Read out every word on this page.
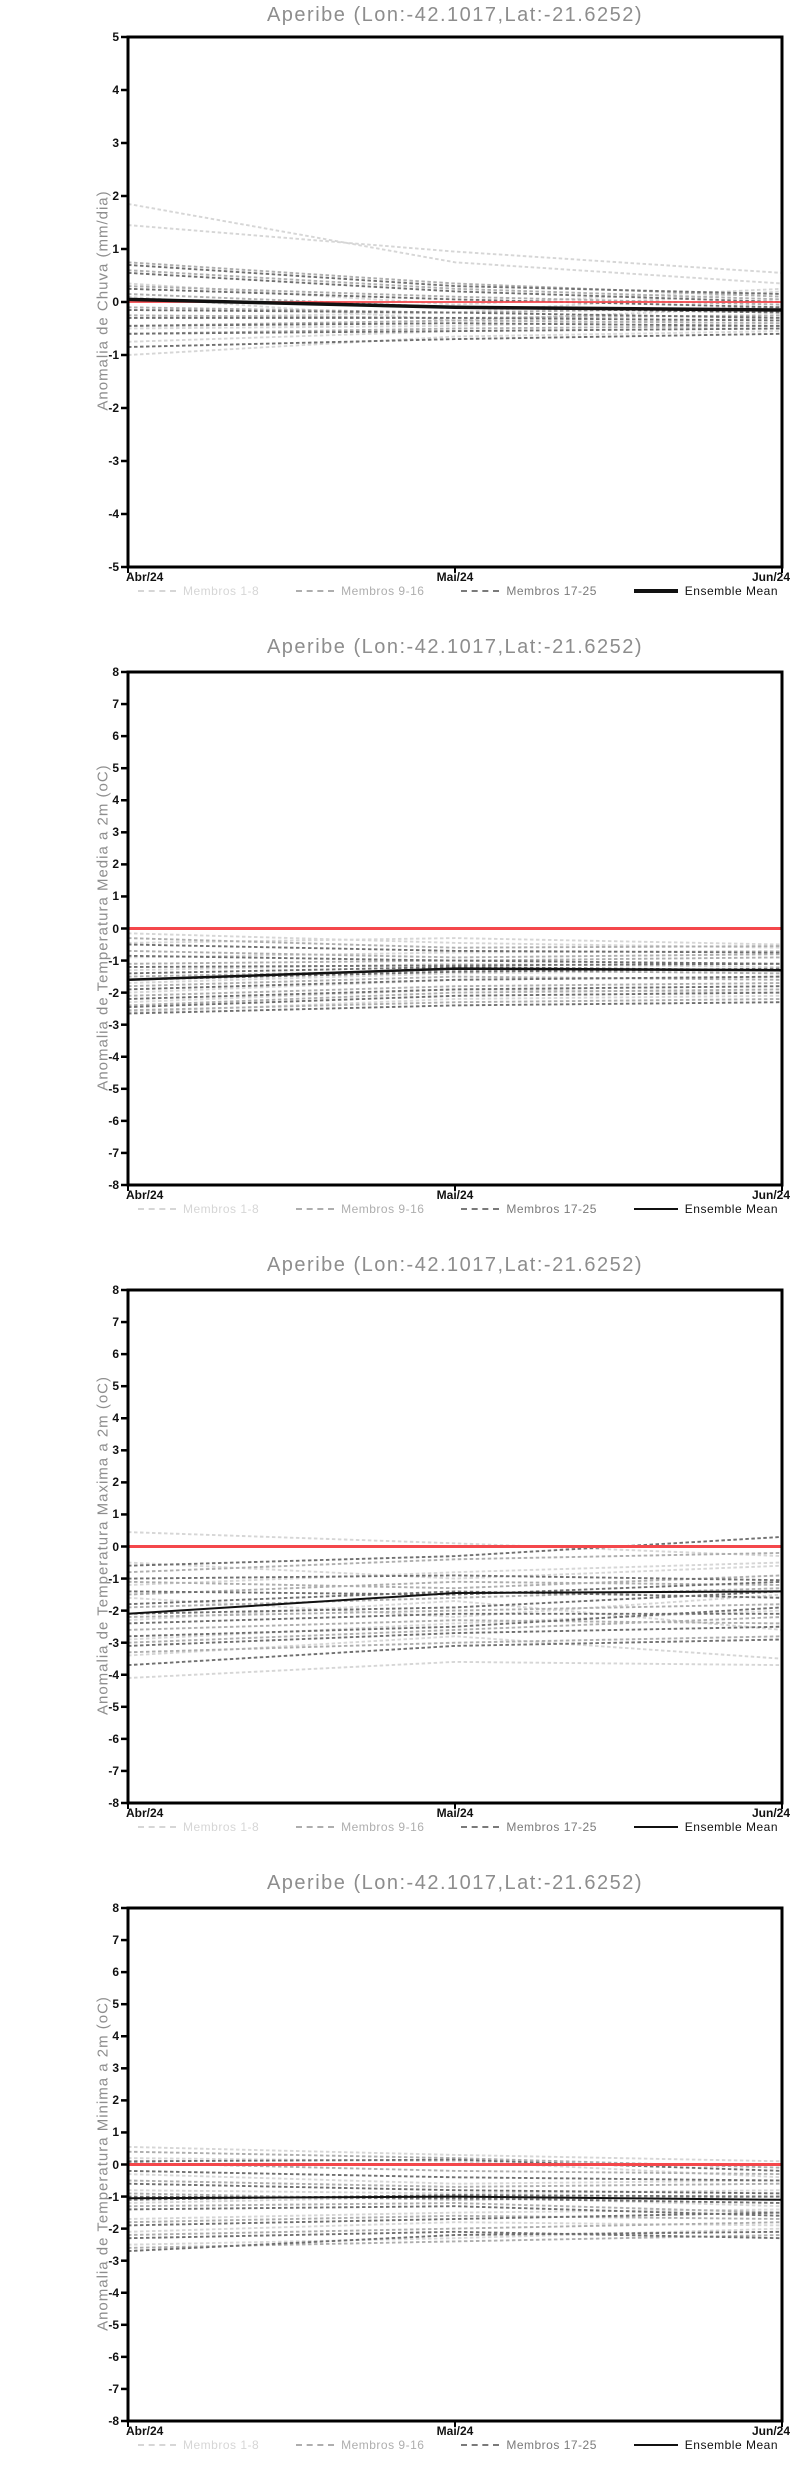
Aperibe (Lon:-42.1017,Lat:-21.6252)
Anomalia de Chuva (mm/dia)
5
4
3
2
1
0
-1
-2
-3
-4
-5
Abr/24	Mai/24	Jun/24
Membros 1-8	Membros 9-16	Membros 17-25	Ensemble Mean
Aperibe (Lon:-42.1017,Lat:-21.6252)
Anomalia de Temperatura Media a 2m (oC)
8
7
6
5
4
3
2
1
0
-1
-2
-3
-4
-5
-6
-7
-8
Abr/24	Mai/24	Jun/24
Membros 1-8	Membros 9-16	Membros 17-25	Ensemble Mean
Aperibe (Lon:-42.1017,Lat:-21.6252)
Anomalia de Temperatura Maxima a 2m (oC)
8
7
6
5
4
3
2
1
0
-1
-2
-3
-4
-5
-6
-7
-8
Abr/24	Mai/24	Jun/24
Membros 1-8	Membros 9-16	Membros 17-25	Ensemble Mean
Aperibe (Lon:-42.1017,Lat:-21.6252)
Anomalia de Temperatura Minima a 2m (oC)
8
7
6
5
4
3
2
1
0
-1
-2
-3
-4
-5
-6
-7
-8
Abr/24	Mai/24	Jun/24
Membros 1-8	Membros 9-16	Membros 17-25	Ensemble Mean
